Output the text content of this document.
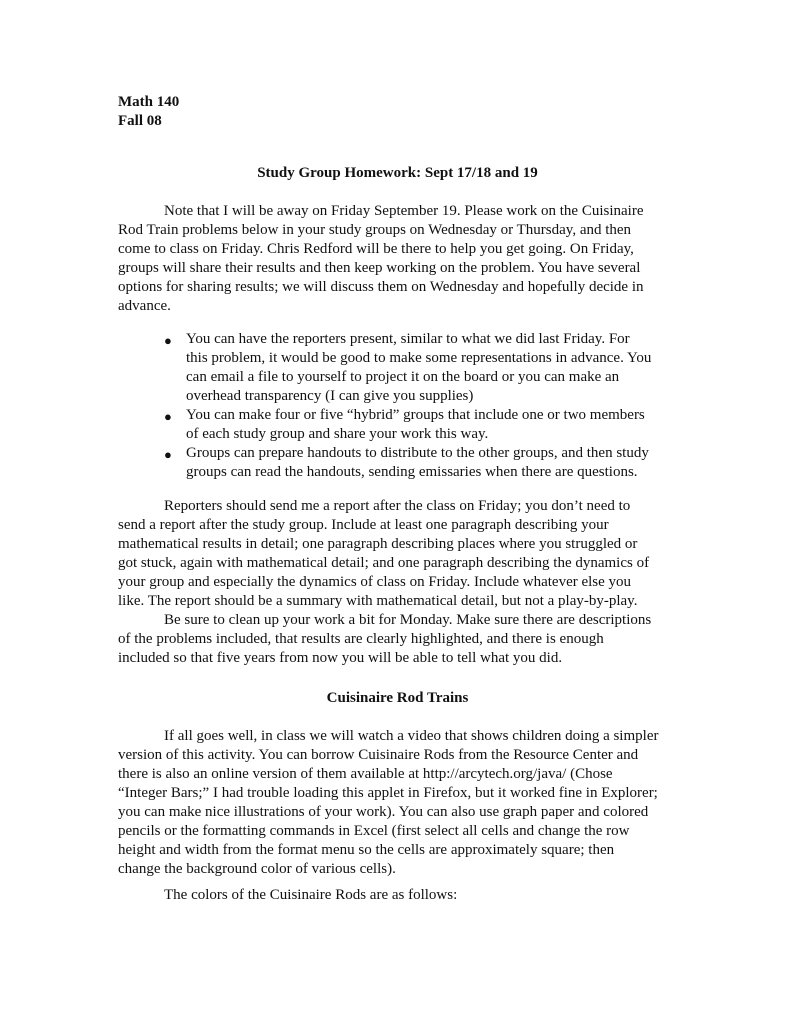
Math 140
Fall 08
Study Group Homework: Sept 17/18 and 19
Note that I will be away on Friday September 19. Please work on the Cuisinaire
Rod Train problems below in your study groups on Wednesday or Thursday, and then
come to class on Friday. Chris Redford will be there to help you get going. On Friday,
groups will share their results and then keep working on the problem. You have several
options for sharing results; we will discuss them on Wednesday and hopefully decide in
advance.
● You can have the reporters present, similar to what we did last Friday. For
this problem, it would be good to make some representations in advance. You
can email a file to yourself to project it on the board or you can make an
overhead transparency (I can give you supplies)
● You can make four or five “hybrid” groups that include one or two members
of each study group and share your work this way.
● Groups can prepare handouts to distribute to the other groups, and then study
groups can read the handouts, sending emissaries when there are questions.
Reporters should send me a report after the class on Friday; you don’t need to
send a report after the study group. Include at least one paragraph describing your
mathematical results in detail; one paragraph describing places where you struggled or
got stuck, again with mathematical detail; and one paragraph describing the dynamics of
your group and especially the dynamics of class on Friday. Include whatever else you
like. The report should be a summary with mathematical detail, but not a play-by-play.
Be sure to clean up your work a bit for Monday. Make sure there are descriptions
of the problems included, that results are clearly highlighted, and there is enough
included so that five years from now you will be able to tell what you did.
Cuisinaire Rod Trains
If all goes well, in class we will watch a video that shows children doing a simpler
version of this activity. You can borrow Cuisinaire Rods from the Resource Center and
there is also an online version of them available at http://arcytech.org/java/ (Chose
“Integer Bars;” I had trouble loading this applet in Firefox, but it worked fine in Explorer;
you can make nice illustrations of your work). You can also use graph paper and colored
pencils or the formatting commands in Excel (first select all cells and change the row
height and width from the format menu so the cells are approximately square; then
change the background color of various cells).
The colors of the Cuisinaire Rods are as follows:
